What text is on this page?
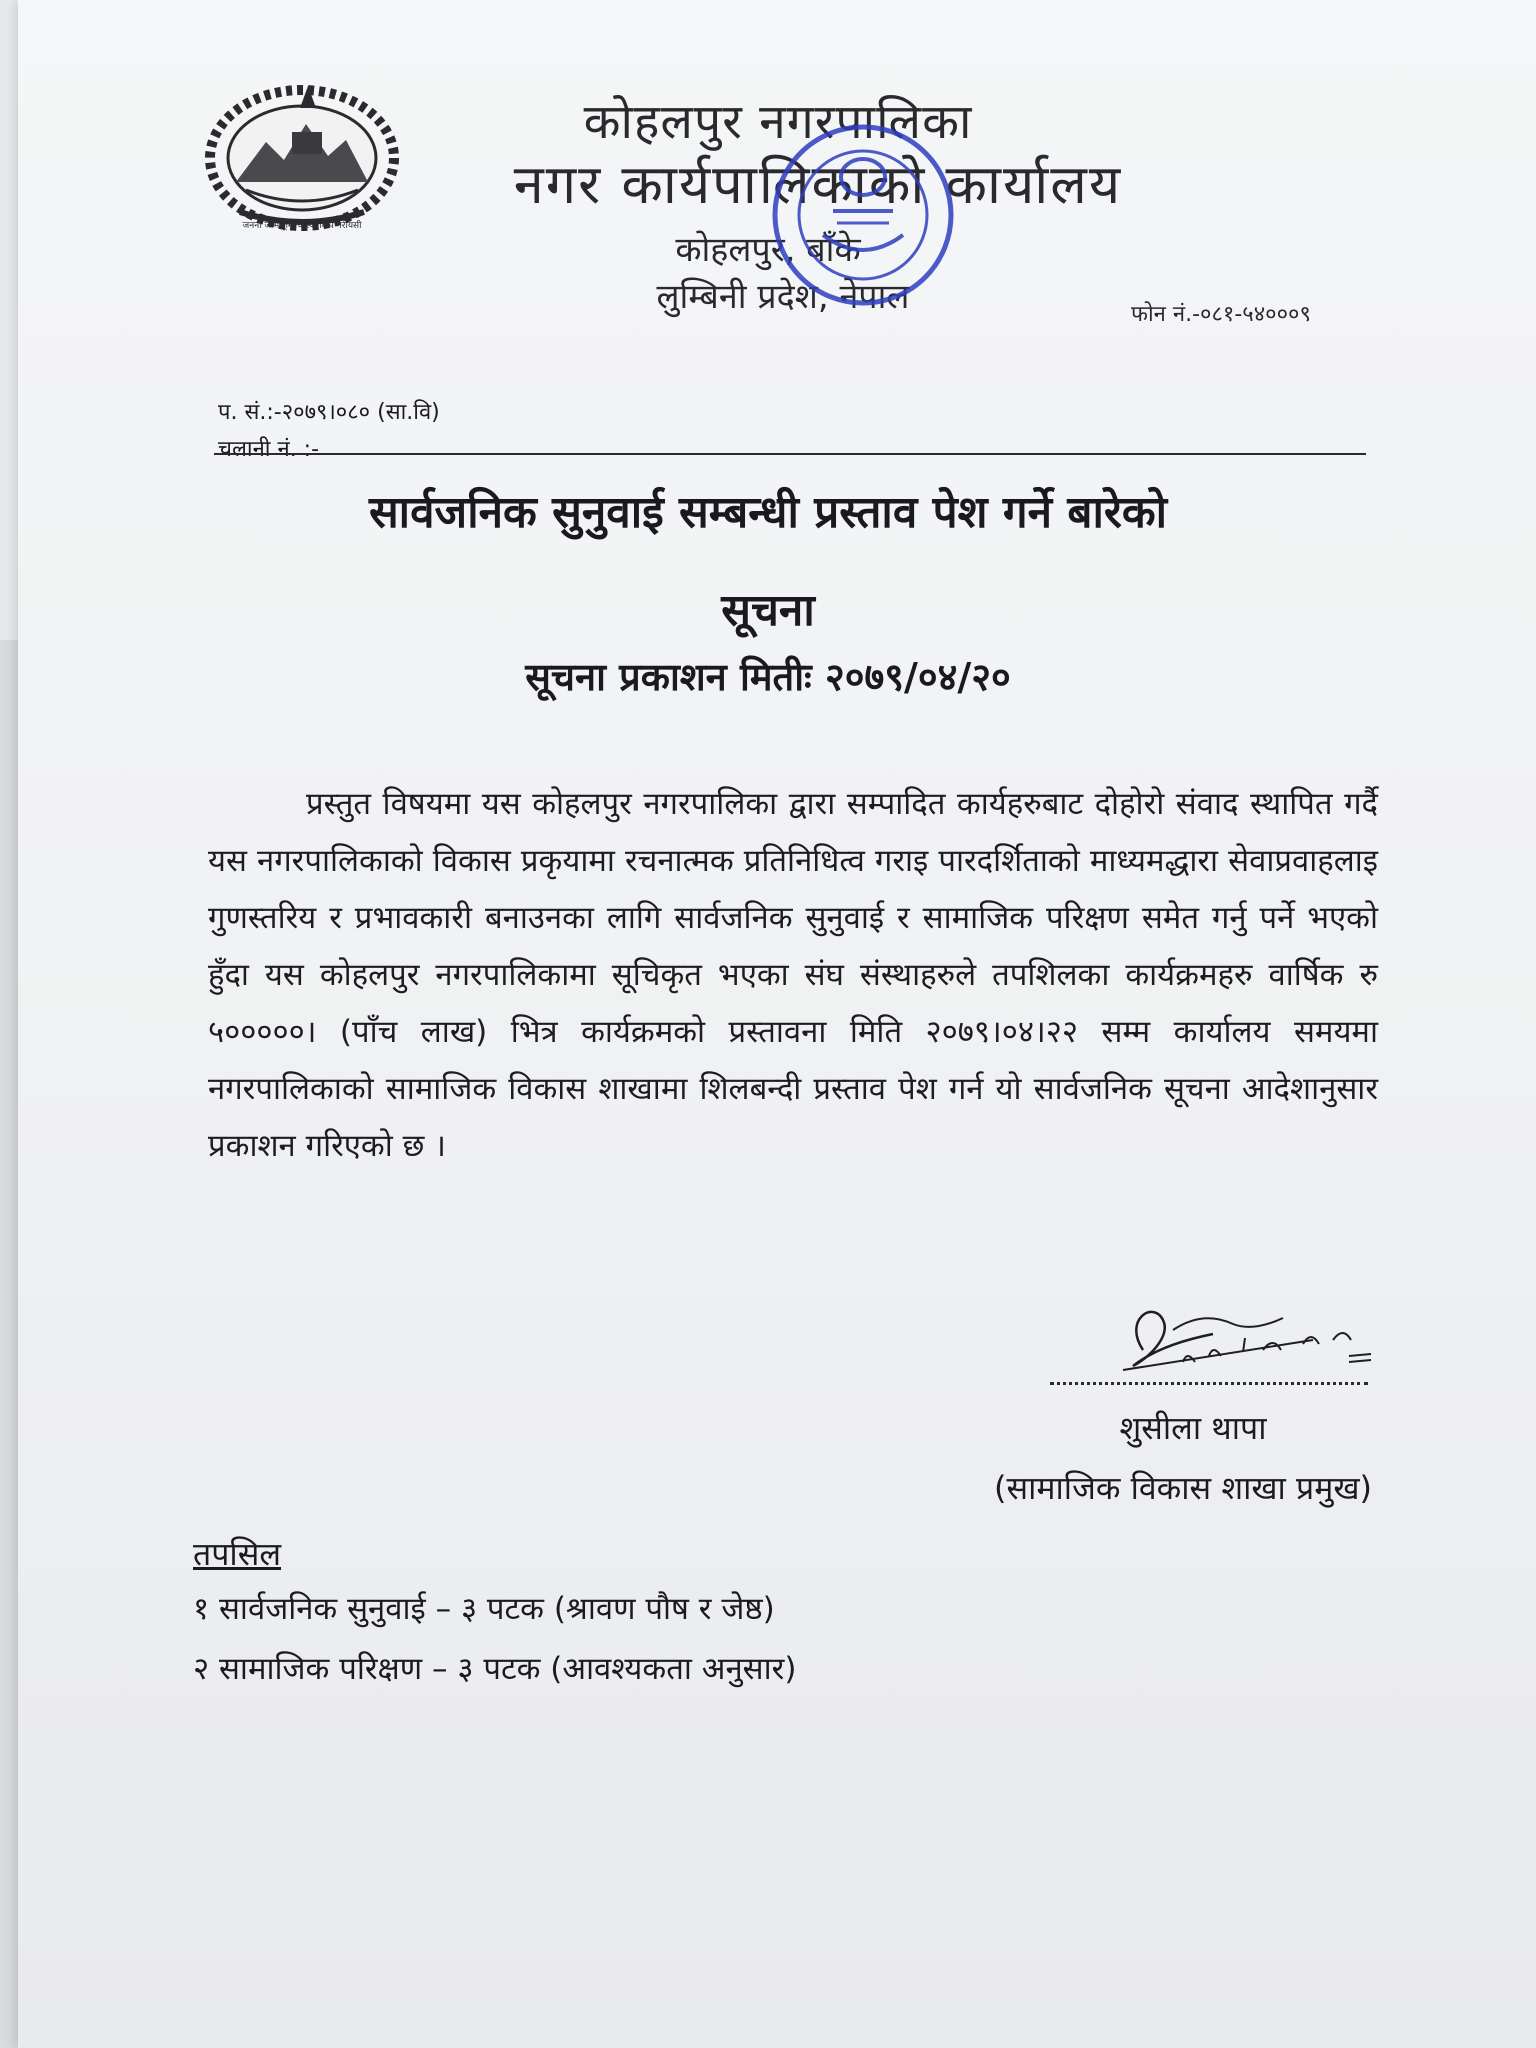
जननी जन्मभूमिश्च स्वर्गादपि गरीयसी
कोहलपुर नगरपालिका
नगर कार्यपालिकाको कार्यालय
कोहलपुर, बाँके
लुम्बिनी प्रदेश, नेपाल	फोन नं.-०८१-५४०००९
प. सं.:-२०७९।०८० (सा.वि)
चलानी नं. :-
सार्वजनिक सुनुवाई सम्बन्धी प्रस्ताव पेश गर्ने बारेको
सूचना
सूचना प्रकाशन मितीः २०७९/०४/२०

प्रस्तुत विषयमा यस कोहलपुर नगरपालिका द्वारा सम्पादित कार्यहरुबाट दोहोरो संवाद स्थापित गर्दै यस नगरपालिकाको विकास प्रकृयामा रचनात्मक प्रतिनिधित्व गराइ पारदर्शिताको माध्यमद्धारा सेवाप्रवाहलाइ गुणस्तरिय र प्रभावकारी बनाउनका लागि सार्वजनिक सुनुवाई र सामाजिक परिक्षण समेत गर्नु पर्ने भएको हुँदा यस कोहलपुर नगरपालिकामा सूचिकृत भएका संघ संस्थाहरुले तपशिलका कार्यक्रमहरु वार्षिक रु ५०००००। (पाँच लाख) भित्र कार्यक्रमको प्रस्तावना मिति २०७९।०४।२२ सम्म कार्यालय समयमा नगरपालिकाको सामाजिक विकास शाखामा शिलबन्दी प्रस्ताव पेश गर्न यो सार्वजनिक सूचना आदेशानुसार प्रकाशन गरिएको छ ।

शुसीला थापा
(सामाजिक विकास शाखा प्रमुख)
तपसिल
१ सार्वजनिक सुनुवाई – ३ पटक (श्रावण पौष र जेष्ठ)
२ सामाजिक परिक्षण – ३ पटक (आवश्यकता अनुसार)
